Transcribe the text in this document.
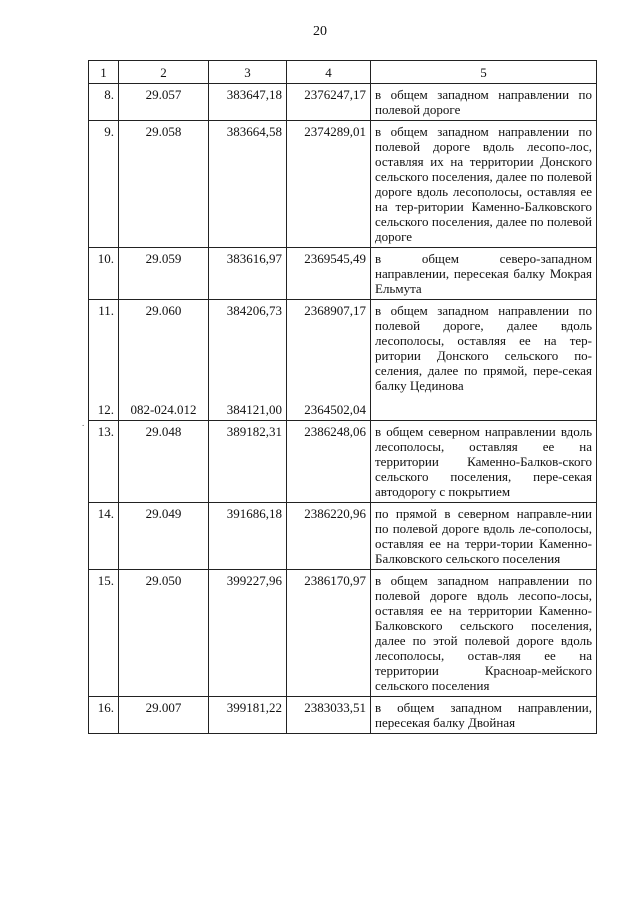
20
.
1	2	3	4	5
8.	29.057	383647,18	2376247,17	в общем западном направлении по полевой дороге
9.	29.058	383664,58	2374289,01	в общем западном направлении по полевой дороге вдоль лесопо-лос, оставляя их на территории Донского сельского поселения, далее по полевой дороге вдоль лесополосы, оставляя ее на тер-ритории Каменно-Балковского сельского поселения, далее по полевой дороге
10.	29.059	383616,97	2369545,49	в общем северо-западном направлении, пересекая балку Мокрая Ельмута
11.	29.060	384206,73	2368907,17	в общем западном направлении по полевой дороге, далее вдоль лесополосы, оставляя ее на тер-ритории Донского сельского по-селения, далее по прямой, пере-секая балку Цединова
12.	082-024.012	384121,00	2364502,04	
13.	29.048	389182,31	2386248,06	в общем северном направлении вдоль лесополосы, оставляя ее на территории Каменно-Балков-ского сельского поселения, пере-секая автодорогу с покрытием
14.	29.049	391686,18	2386220,96	по прямой в северном направле-нии по полевой дороге вдоль ле-сополосы, оставляя ее на терри-тории Каменно-Балковского сельского поселения
15.	29.050	399227,96	2386170,97	в общем западном направлении по полевой дороге вдоль лесопо-лосы, оставляя ее на территории Каменно-Балковского сельского поселения, далее по этой полевой дороге вдоль лесополосы, остав-ляя ее на территории Красноар-мейского сельского поселения
16.	29.007	399181,22	2383033,51	в общем западном направлении, пересекая балку Двойная
